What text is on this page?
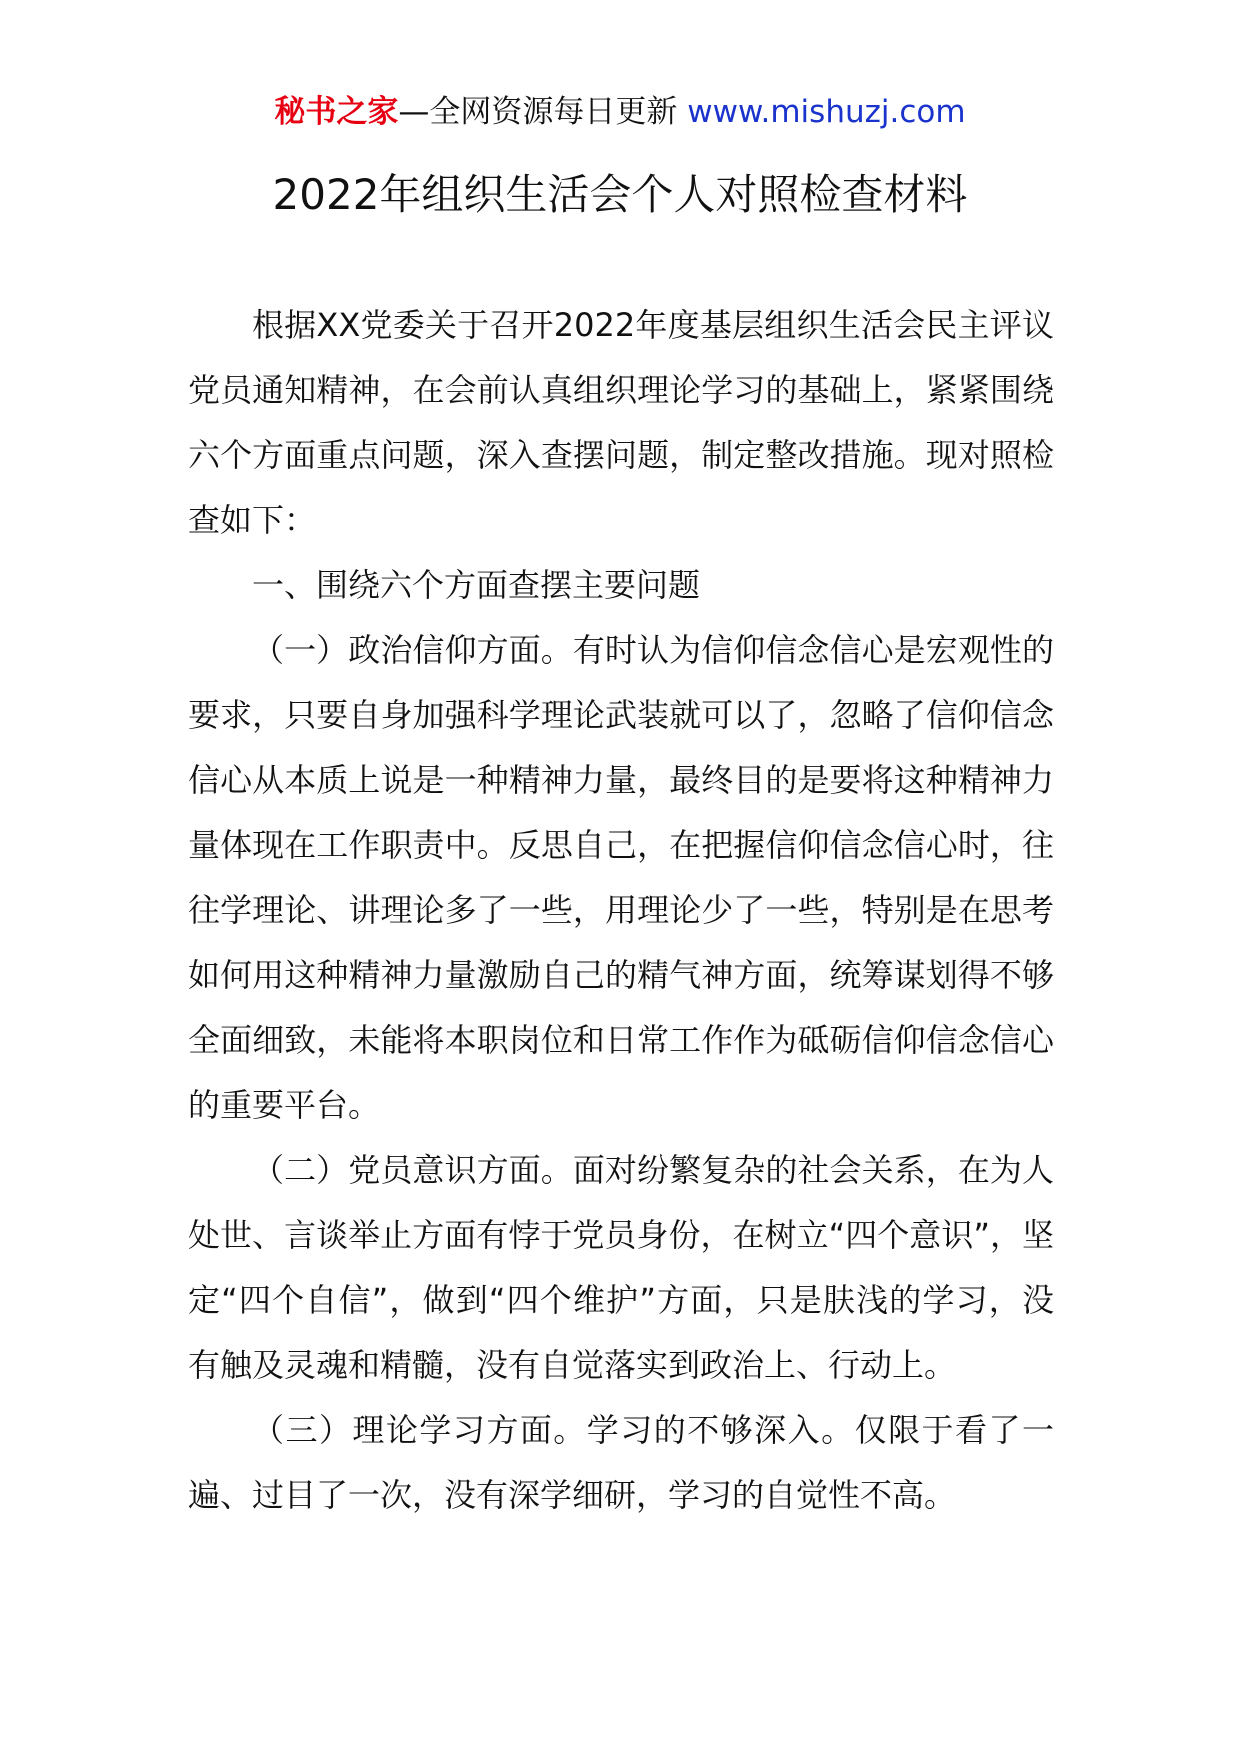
秘书之家—全网资源每日更新 www.mishuzj.com
2022年组织生活会个人对照检查材料

根据XX党委关于召开2022年度基层组织生活会民主评议党员通知精神，在会前认真组织理论学习的基础上，紧紧围绕六个方面重点问题，深入查摆问题，制定整改措施。现对照检查如下：

一、围绕六个方面查摆主要问题

（一）政治信仰方面。有时认为信仰信念信心是宏观性的要求，只要自身加强科学理论武装就可以了，忽略了信仰信念信心从本质上说是一种精神力量，最终目的是要将这种精神力量体现在工作职责中。反思自己，在把握信仰信念信心时，往往学理论、讲理论多了一些，用理论少了一些，特别是在思考如何用这种精神力量激励自己的精气神方面，统筹谋划得不够全面细致，未能将本职岗位和日常工作作为砥砺信仰信念信心的重要平台。

（二）党员意识方面。面对纷繁复杂的社会关系，在为人处世、言谈举止方面有悖于党员身份，在树立“四个意识”，坚定“四个自信”，做到“四个维护”方面，只是肤浅的学习，没有触及灵魂和精髓，没有自觉落实到政治上、行动上。

（三）理论学习方面。学习的不够深入。仅限于看了一遍、过目了一次，没有深学细研，学习的自觉性不高。
